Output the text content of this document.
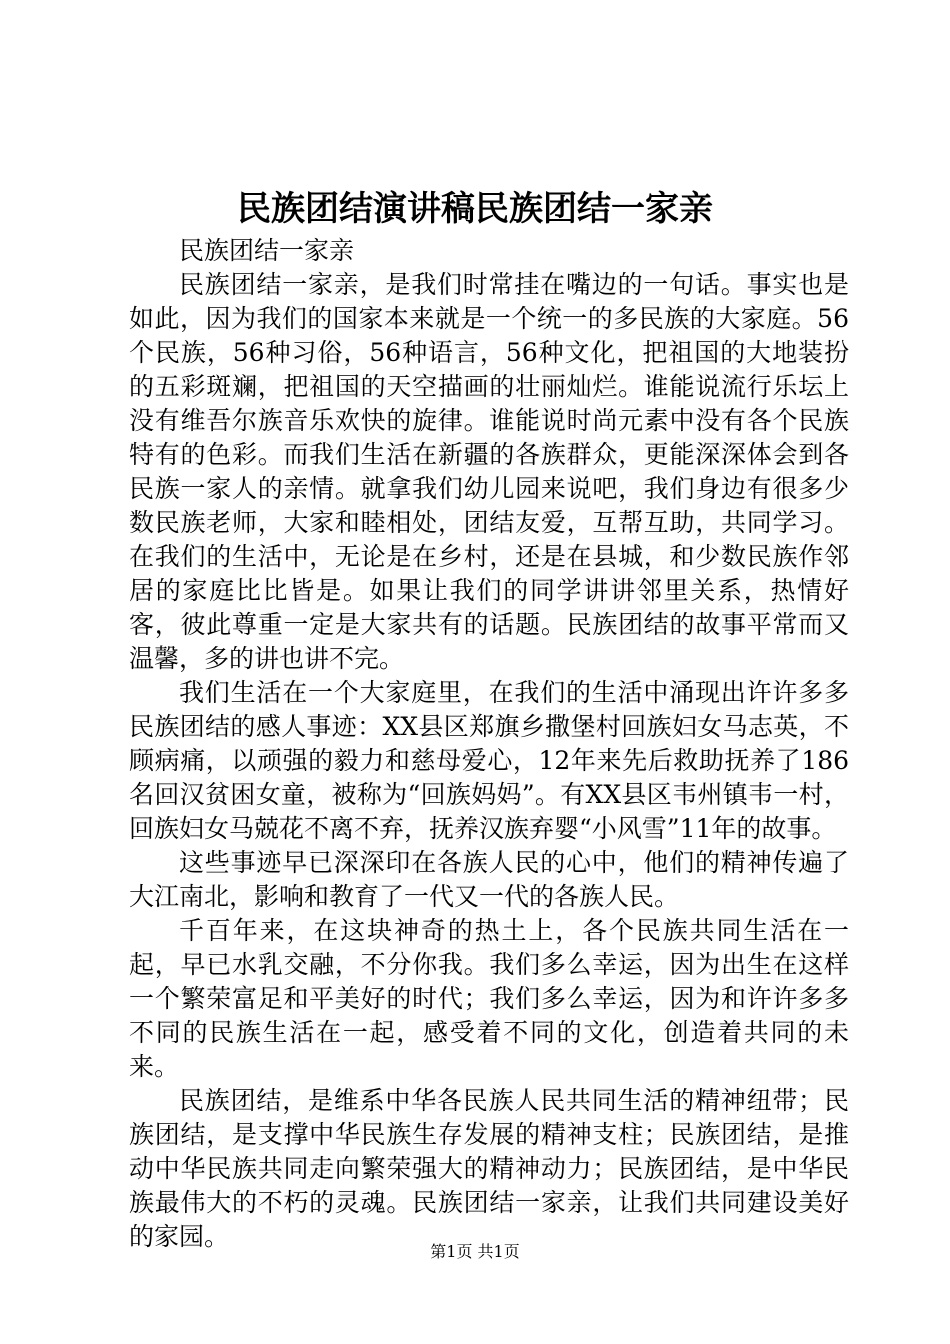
民族团结演讲稿民族团结一家亲

民族团结一家亲

民族团结一家亲，是我们时常挂在嘴边的一句话。事实也是如此，因为我们的国家本来就是一个统一的多民族的大家庭。56个民族，56种习俗，56种语言，56种文化，把祖国的大地装扮的五彩斑斓，把祖国的天空描画的壮丽灿烂。谁能说流行乐坛上没有维吾尔族音乐欢快的旋律。谁能说时尚元素中没有各个民族特有的色彩。而我们生活在新疆的各族群众，更能深深体会到各民族一家人的亲情。就拿我们幼儿园来说吧，我们身边有很多少数民族老师，大家和睦相处，团结友爱，互帮互助，共同学习。在我们的生活中，无论是在乡村，还是在县城，和少数民族作邻居的家庭比比皆是。如果让我们的同学讲讲邻里关系，热情好客，彼此尊重一定是大家共有的话题。民族团结的故事平常而又温馨，多的讲也讲不完。

我们生活在一个大家庭里，在我们的生活中涌现出许许多多民族团结的感人事迹：XX县区郑旗乡撒堡村回族妇女马志英，不顾病痛，以顽强的毅力和慈母爱心，12年来先后救助抚养了186名回汉贫困女童，被称为“回族妈妈”。有XX县区韦州镇韦一村，回族妇女马兢花不离不弃，抚养汉族弃婴“小风雪”11年的故事。

这些事迹早已深深印在各族人民的心中，他们的精神传遍了大江南北，影响和教育了一代又一代的各族人民。

千百年来，在这块神奇的热土上，各个民族共同生活在一起，早已水乳交融，不分你我。我们多么幸运，因为出生在这样一个繁荣富足和平美好的时代；我们多么幸运，因为和许许多多不同的民族生活在一起，感受着不同的文化，创造着共同的未来。

民族团结，是维系中华各民族人民共同生活的精神纽带；民族团结，是支撑中华民族生存发展的精神支柱；民族团结，是推动中华民族共同走向繁荣强大的精神动力；民族团结，是中华民族最伟大的不朽的灵魂。民族团结一家亲，让我们共同建设美好的家园。

第1页 共1页
